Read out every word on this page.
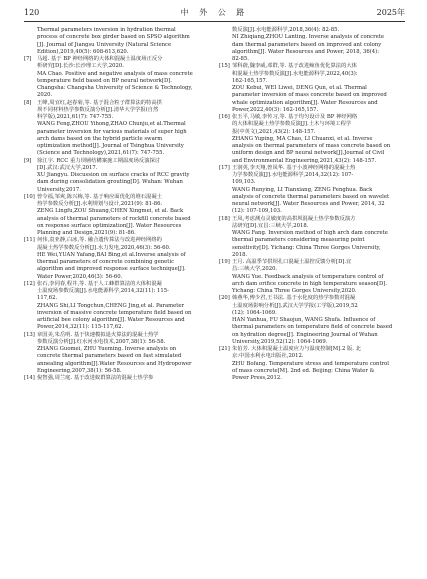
120	中 外 公 路	2025年
Thermal parameters inversion in hydration thermal
process of concrete box girder based on SPSO algorithm
[J]. Journal of Jiangsu University (Natural Science
Edition),2019,40(5): 608-613,620.
[7] 马超. 基于 BP 神经网络的大体积混凝土温度场正反分
析研究[D].长沙:长沙理工大学,2020.
MA Chao. Positive and negative analysis of mass concrete
temperature field based on BP neural network[D].
Changsha: Changsha University of Science & Technology,
2020.
[8] 王峰,周宜红,赵春菊,等. 基于混合粒子群算法的特高拱
坝不同材料热学参数反演分析[J].清华大学学报(自然
科学版),2021,61(7): 747-755.
WANG Feng,ZHOU Yihong,ZHAO Chunju,et al.Thermal
parameter inversion for various materials of super high
arch dams based on the hybrid particle swarm
optimization method[J]. Journal of Tsinghua University
(Science and Technology),2021,61(7): 747-755.
[9] 徐江宇. RCC 重力坝層结構案施工期温度场反演探讨
[D].武汉:武汉大学,2017.
XU Jiangyu. Discussion on surface cracks of RCC gravity
dam during consolidation grouting[D]. Wuhan: Wuhan
University,2017.
[10] 曾令福,邹爽,陈兴梅,等. 基于响应面优化的堆石混凝土
热学参数反分析[J].水利规划与设计,2021(9): 81-86.
ZENG Lingfu,ZOU Shuang,CHEN Xingmei, et al. Back
analysis of thermal parameters of rockfill concrete based
on response surface optimization[J]. Water Resources
Planning and Design,2021(9): 81-86.
[11] 何伟,袁亚静,白冰,等. 融合遗传算法与改进神经网络的
混凝土热学参数反分析[J].水力发电,2020,46(3): 56-60.
HE Wei,YUAN Yafang,BAI Bing,et al.Inverse analysis of
thermal parameters of concrete combining genetic
algorithm and improved response surface technique[J].
Water Power,2020,46(3): 56-60.
[12] 张石,李同春,程井,等. 基于人工蜂群算法的大体积混凝
土温度场参数反演[J].水电能源科学,2014,32(11): 115-
117,62.
ZHANG Shi,LI Tongchun,CHENG Jing,et al. Parameter
inversion of massive concrete temperature field based on
artificial bee colony algorithm[J]. Water Resources and
Power,2014,32(11): 115-117,62.
[13] 章国美,朱岳明. 基于快速模拟退火算法的混凝土热学
参数反演分析[J].红水河水电技术,2007,38(1): 56-58.
ZHANG Guomei, ZHU Yueming. Inverse analysis on
concrete thermal parameters based on fast simulated
annealing algorithm[J].Water Resources and Hydropower
Engineering,2007,38(1): 56-58.
[14] 倪智强,周兰庭. 基于改进蚁群算法的混凝土热学参
数反演[J].水电能源科学,2018,36(4): 82-85.
NI Zhiqiang,ZHOU Lanting. Inverse analysis of concrete
dam thermal parameters based on improved ant colony
algorithm[J]. Water Resources and Power, 2018, 36(4):
82-85.
[15] 邹科蔚,魏李威,邓群,等. 基于改进鲸鱼优化算法的大体
积混凝土热学参数反演[J].水电能源科学,2022,40(3):
162-165,157.
ZOU Kebui, WEI Liwei, DENG Qun, et al. Thermal
parameter inversion of mass concrete based on improved
whale optimization algorithm[J]. Water Resources and
Power,2022,40(3): 162-165,157.
[16] 张玉平,马敏,李传习,等. 基于均匀设计及 BP 神经网络
的大体积混凝土热学参数反演[J].土木与环境工程学
报(中英文),2021,43(2): 148-157.
ZHANG Yuping, MA Chao, LI Chuanxi, et al. Inverse
analysis on thermal parameters of mass concrete based on
uniform design and BP neural network[J].Journal of Civil
and Environmental Engineering,2021,43(2): 148-157.
[17] 王润英,李天翔,曾凤华. 基于小波神经网络的混凝土热
力学参数反演[J].水电能源科学,2014,32(12): 107-
109,103.
WANG Runying, LI Tianxiang, ZENG Fenghua. Back
analysis of concrete thermal parameters based on wavelet
neural network[J]. Water Resources and Power, 2014, 32
(12): 107-109,103.
[18] 王凤,考虑测点灵敏度的高拱坝混凝土热学参数反演方
法研究[D].宜昌:三峡大学,2018.
WANG Fang. Inversion method of high arch dam concrete
thermal parameters considering measuring point
sensitivity[D]. Yichang: China Three Gorges University,
2018.
[19] 王月. 高温季节拱坝孔口混凝土温控反馈分析[D].宜
昌:三峡大学,2020.
WANG Yue. Feedback analysis of temperature control of
arch dam orifice concrete in high temperature season[D].
Yichang: China Three Gorges University,2020.
[20] 韩燕华,傅少君,王书法. 基于水化度的热学参数对混凝
土温度场影响分析[J].武汉大学学报(工学版),2019,52
(12): 1064-1069.
HAN Yanhua, FU Shaojun, WANG Shufa. Influence of
thermal parameters on temperature field of concrete based
on hydration degree[J]. Engineering Journal of Wuhan
University,2019,52(12): 1064-1069.
[21] 朱伯芳. 大体积混凝土温度应力与温度控制[M].2 版. 北
京:中国水利水电出版社,2012.
ZHU Bofang. Temperature stress and temperature control
of mass concrete[M]. 2nd ed. Beijing: China Water &
Power Press,2012.
